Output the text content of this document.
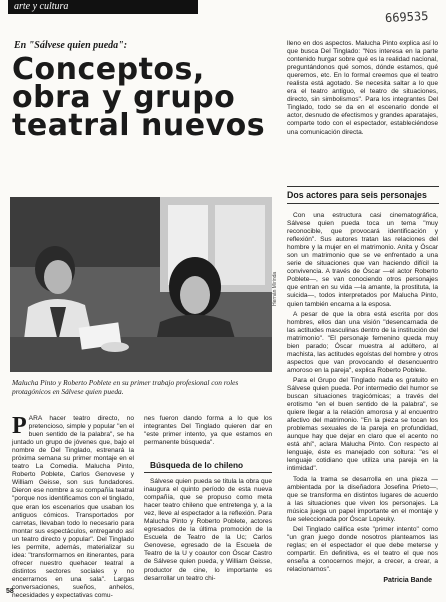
arte y cultura
669535
En "Sálvese quien pueda":
Conceptos,
obra y grupo
teatral nuevos

lleno en dos aspectos. Malucha Pinto explica así lo que busca Del Tinglado: "Nos interesa en la parte contenido hurgar sobre qué es la realidad nacional, preguntándonos qué somos, dónde estamos, qué queremos, etc. En lo formal creemos que el teatro realista está agotado. Se necesita saltar a lo que era el teatro antiguo, el teatro de situaciones, directo, sin simbolismos". Para los integrantes Del Tinglado, todo se da en el escenario donde el actor, desnudo de efectismos y grandes aparatajes, comparte todo con el espectador, estableciéndose una comunicación directa.

Dos actores para seis personajes

Con una estructura casi cinematográfica, Sálvese quien pueda toca un tema "muy reconocible, que provocará identificación y reflexión". Sus autores tratan las relaciones del hombre y la mujer en el matrimonio. Anita y Óscar son un matrimonio que se ve enfrentado a una serie de situaciones que van haciendo difícil la convivencia. A través de Óscar —el actor Roberto Poblete—, se van conociendo otros personajes que entran en su vida —la amante, la prostituta, la suicida—, todos interpretados por Malucha Pinto, quien también encarna a la esposa.

A pesar de que la obra está escrita por dos hombres, ellos dan una visión "desencarnada de las actitudes masculinas dentro de la institución del matrimonio". "El personaje femenino queda muy bien parado; Óscar muestra al adúltero, al machista, las actitudes egoístas del hombre y otros aspectos que van provocando el desencuentro amoroso en la pareja", explica Roberto Poblete.

Para el Grupo del Tinglado nada es gratuito en Sálvese quien pueda. Por intermedio del humor se buscan situaciones tragicómicas; a través del erotismo "en el buen sentido de la palabra", se quiere llegar a la relación amorosa y al encuentro afectivo del matrimonio. "En la pieza se tocan los problemas sexuales de la pareja en profundidad, aunque hay que dejar en claro que el acento no está ahí", aclara Malucha Pinto. Con respecto al lenguaje, éste es manejado con soltura: "es el lenguaje cotidiano que utiliza una pareja en la intimidad".

Toda la trama se desarrolla en una pieza —ambientada por la diseñadora Josefina Prieto—, que se transforma en distintos lugares de acuerdo a las situaciones que viven los personajes. La música juega un papel importante en el montaje y fue seleccionada por Óscar Lopeuky.

Del Tinglado califica este "primer intento" como "un gran juego donde nosotros planteamos las reglas; en el espectador el que debe meterse y compartir. En definitiva, es el teatro el que nos enseña a conocernos mejor, a crecer, a crear, a relacionarnos".

Hernán Mirinda
Malucha Pinto y Roberto Poblete en su primer trabajo profesional con roles protagónicos en Sálvese quien pueda.

PARA hacer teatro directo, no pretencioso, simple y popular "en el buen sentido de la palabra", se ha juntado un grupo de jóvenes que, bajo el nombre de Del Tinglado, estrenará la próxima semana su primer montaje en el teatro La Comedia. Malucha Pinto, Roberto Poblete, Carlos Genovese y William Geisse, son sus fundadores. Dieron ese nombre a su compañía teatral "porque nos identificamos con el tinglado, que eran los escenarios que usaban los antiguos cómicos. Transportados por carretas, llevaban todo lo necesario para montar sus espectáculos, entregando así un teatro directo y popular". Del Tinglado les permite, además, materializar su idea: "transformarnos en itinerantes, para ofrecer nuestro quehacer teatral a distintos sectores sociales y no encerrarnos en una sala". Largas conversaciones, sueños, anhelos, necesidades y expectativas comu-

nes fueron dando forma a lo que los integrantes Del Tinglado quieren dar en "este primer intento, ya que estamos en permanente búsqueda".

Búsqueda de lo chileno

Sálvese quien pueda se titula la obra que inaugura el quinto período de esta nueva compañía, que se propuso como meta hacer teatro chileno que entretenga y, a la vez, lleve al espectador a la reflexión. Para Malucha Pinto y Roberto Poblete, actores egresados de la última promoción de la Escuela de Teatro de la Uc; Carlos Genovese, egresado de la Escuela de Teatro de la U y coautor con Óscar Castro de Sálvese quien pueda, y William Geisse, productor de cine, lo importante es desarrollar un teatro chi-	Patricia Bande
58
